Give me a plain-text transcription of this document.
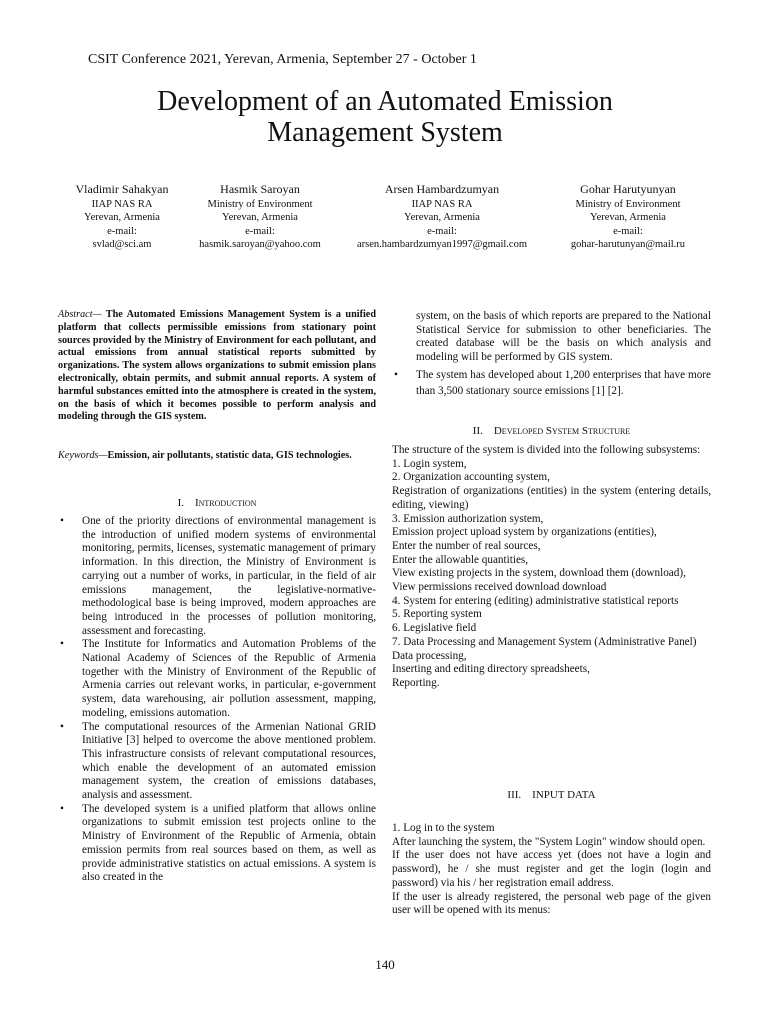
CSIT Conference 2021, Yerevan, Armenia, September 27 - October 1
Development of an Automated Emission
Management System
Vladimir Sahakyan
IIAP NAS RA
Yerevan, Armenia
e-mail:
svlad@sci.am
Hasmik Saroyan
Ministry of Environment
Yerevan, Armenia
e-mail:
hasmik.saroyan@yahoo.com
Arsen Hambardzumyan
IIAP NAS RA
Yerevan, Armenia
e-mail:
arsen.hambardzumyan1997@gmail.com
Gohar Harutyunyan
Ministry of Environment
Yerevan, Armenia
e-mail:
gohar-harutunyan@mail.ru
Abstract— The Automated Emissions Management System is a unified platform that collects permissible emissions from stationary point sources provided by the Ministry of Environment for each pollutant, and actual emissions from annual statistical reports submitted by organizations. The system allows organizations to submit emission plans electronically, obtain permits, and submit annual reports. A system of harmful substances emitted into the atmosphere is created in the system, on the basis of which it becomes possible to perform analysis and modeling through the GIS system.
Keywords—Emission, air pollutants, statistic data, GIS technologies.
I. Introduction
• One of the priority directions of environmental management is the introduction of unified modern systems of environmental monitoring, permits, licenses, systematic management of primary information. In this direction, the Ministry of Environment is carrying out a number of works, in particular, in the field of air emissions management, the legislative-normative-methodological base is being improved, modern approaches are being introduced in the processes of pollution monitoring, assessment and forecasting.
• The Institute for Informatics and Automation Problems of the National Academy of Sciences of the Republic of Armenia together with the Ministry of Environment of the Republic of Armenia carries out relevant works, in particular, e-government system, data warehousing, air pollution assessment, mapping, modeling, emissions automation.
• The computational resources of the Armenian National GRID Initiative [3] helped to overcome the above mentioned problem. This infrastructure consists of relevant computational resources, which enable the development of an automated emission management system, the creation of emissions databases, analysis and assessment.
• The developed system is a unified platform that allows online organizations to submit emission test projects online to the Ministry of Environment of the Republic of Armenia, obtain emission permits from real sources based on them, as well as provide administrative statistics on actual emissions. A system is also created in the
system, on the basis of which reports are prepared to the National Statistical Service for submission to other beneficiaries. The created database will be the basis on which analysis and modeling will be performed by GIS system.
• The system has developed about 1,200 enterprises that have more than 3,500 stationary source emissions [1] [2].
II. Developed System Structure
The structure of the system is divided into the following subsystems:
1. Login system,
2. Organization accounting system,
Registration of organizations (entities) in the system (entering details, editing, viewing)
3. Emission authorization system,
Emission project upload system by organizations (entities),
Enter the number of real sources,
Enter the allowable quantities,
View existing projects in the system, download them (download),
View permissions received download download
4. System for entering (editing) administrative statistical reports
5. Reporting system
6. Legislative field
7. Data Processing and Management System (Administrative Panel)
Data processing,
Inserting and editing directory spreadsheets,
Reporting.
III. INPUT DATA
1. Log in to the system
After launching the system, the "System Login" window should open.
If the user does not have access yet (does not have a login and password), he / she must register and get the login (login and password) via his / her registration email address.
If the user is already registered, the personal web page of the given user will be opened with its menus:
140
